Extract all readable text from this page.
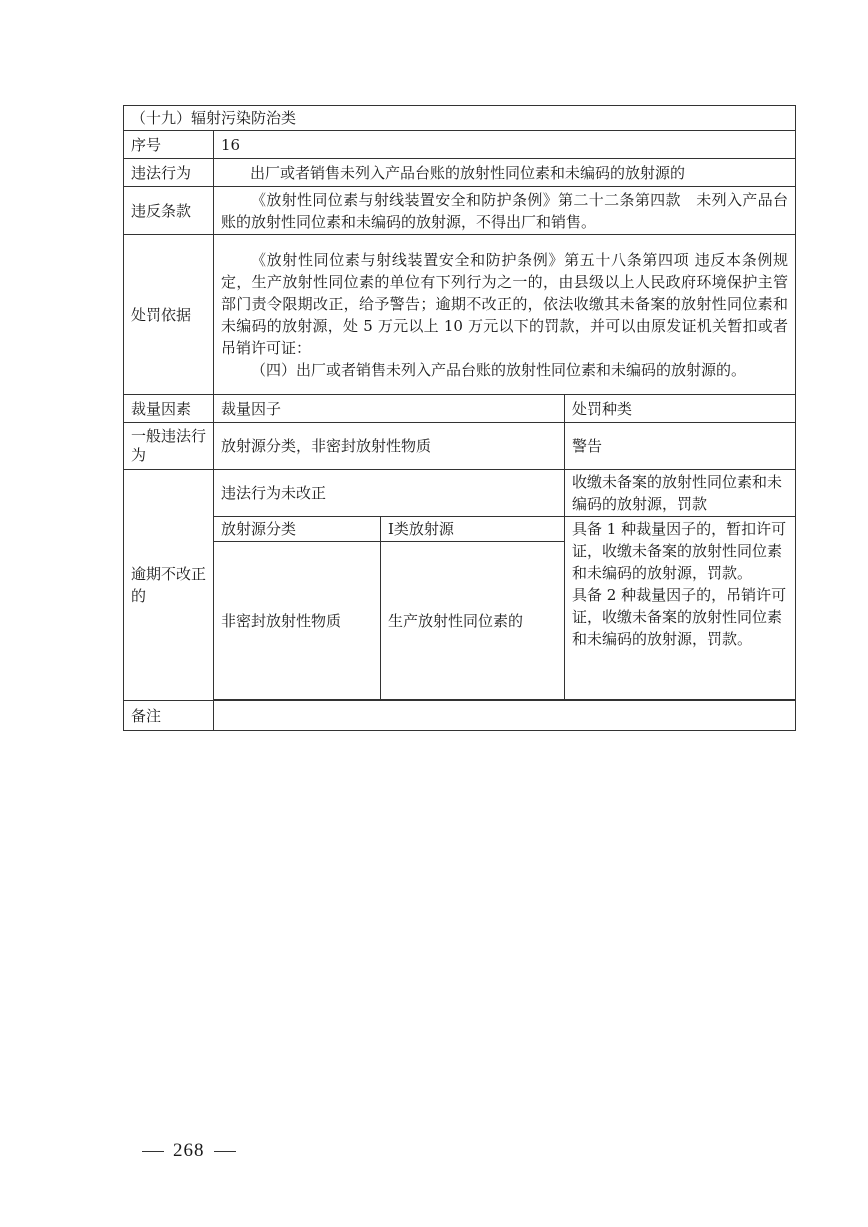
（十九）辐射污染防治类			
序号	16		
违法行为	出厂或者销售未列入产品台账的放射性同位素和未编码的放射源的		
违反条款	《放射性同位素与射线装置安全和防护条例》第二十二条第四款　未列入产品台账的放射性同位素和未编码的放射源，不得出厂和销售。		
处罚依据	《放射性同位素与射线装置安全和防护条例》第五十八条第四项 违反本条例规定，生产放射性同位素的单位有下列行为之一的，由县级以上人民政府环境保护主管部门责令限期改正，给予警告；逾期不改正的，依法收缴其未备案的放射性同位素和未编码的放射源，处 5 万元以上 10 万元以下的罚款，并可以由原发证机关暂扣或者吊销许可证：
（四）出厂或者销售未列入产品台账的放射性同位素和未编码的放射源的。		

裁量因素	裁量因子		处罚种类
一般违法行为	放射源分类，非密封放射性物质		警告
逾期不改正的	违法行为未改正		收缴未备案的放射性同位素和未编码的放射源，罚款
	放射源分类	I类放射源	具备 1 种裁量因子的，暂扣许可证，收缴未备案的放射性同位素和未编码的放射源，罚款。
具备 2 种裁量因子的，吊销许可证，收缴未备案的放射性同位素和未编码的放射源，罚款。

	非密封放射性物质	生产放射性同位素的	

备注			
268
